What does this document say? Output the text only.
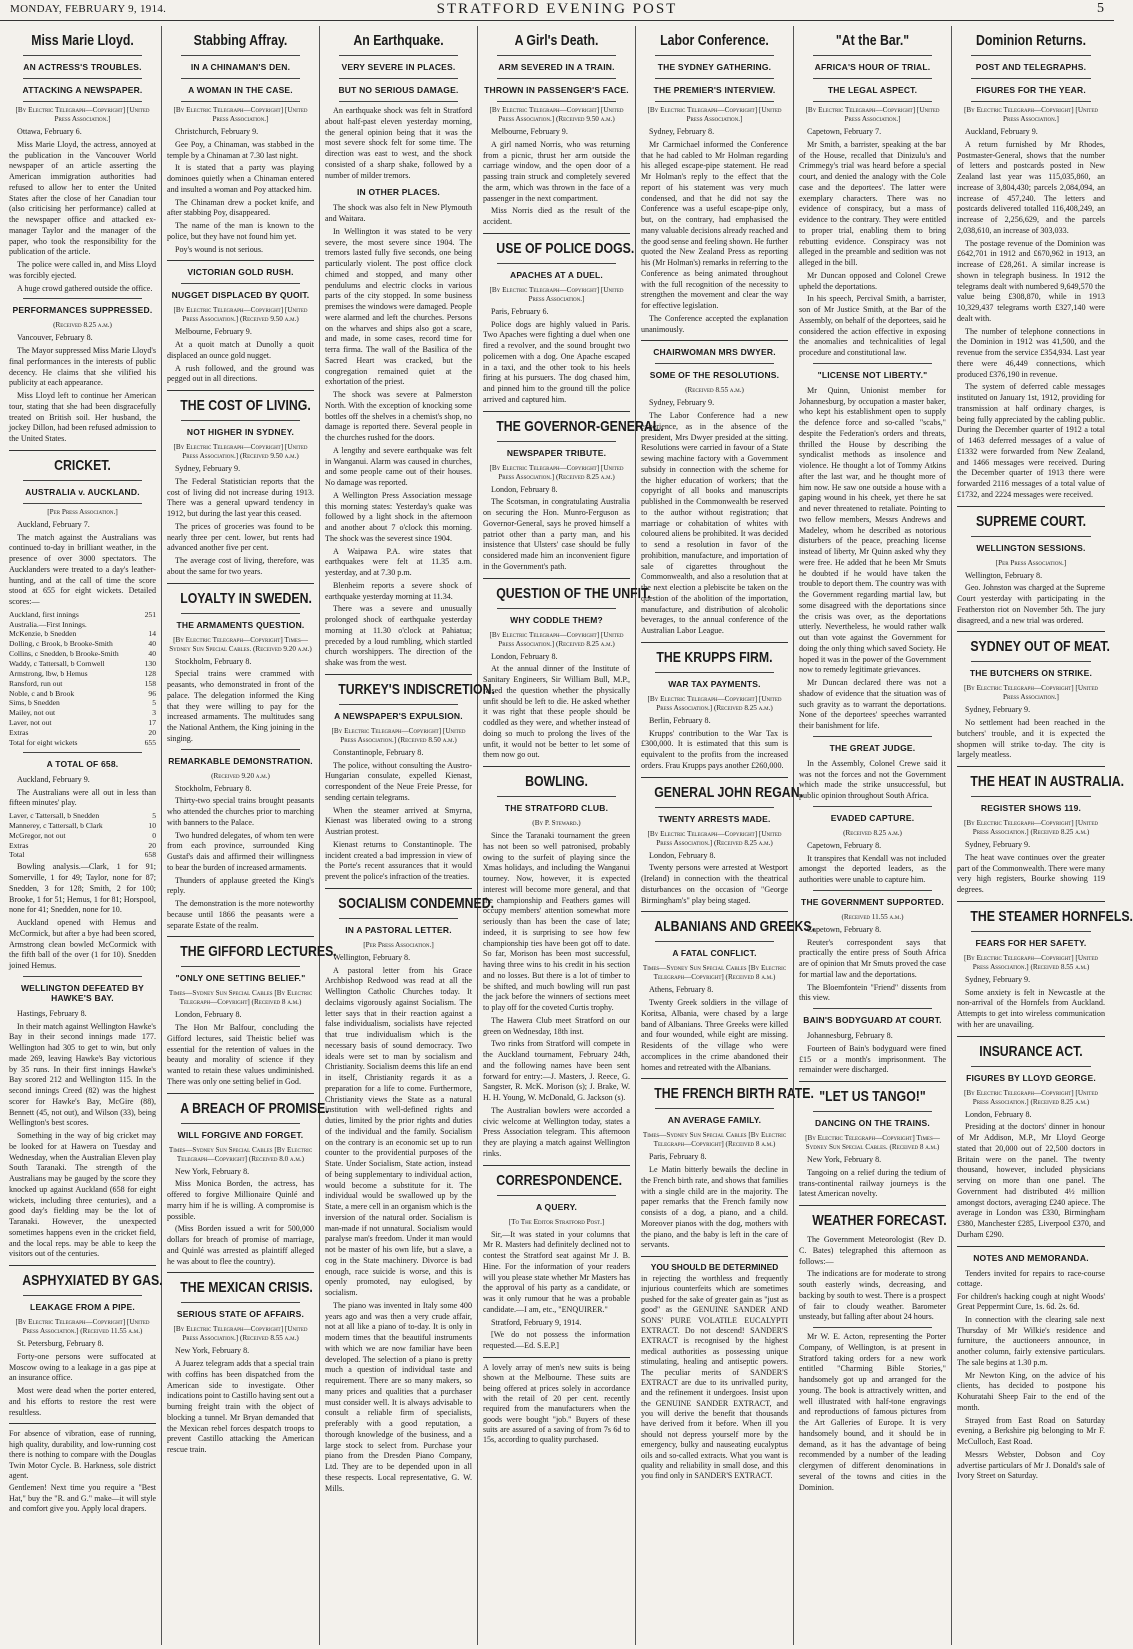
MONDAY, FEBRUARY 9, 1914.	STRATFORD EVENING POST	5
Miss Marie Lloyd.
AN ACTRESS'S TROUBLES.
ATTACKING A NEWSPAPER.
[By Electric Telegraph—Copyright] [United Press Association.]
Ottawa, February 6.
Miss Marie Lloyd, the actress, annoyed at the publication in the Vancouver World newspaper of an article asserting the American immigration authorities had refused to allow her to enter the United States after the close of her Canadian tour (also criticising her performance) called at the newspaper office and attacked ex-manager Taylor and the manager of the paper, who took the responsibility for the publication of the article.
The police were called in, and Miss Lloyd was forcibly ejected.
A huge crowd gathered outside the office.
PERFORMANCES SUPPRESSED.
(Received 8.25 a.m.)
Vancouver, February 8.
The Mayor suppressed Miss Marie Lloyd's final performances in the interests of public decency. He claims that she vilified his publicity at each appearance.
Miss Lloyd left to continue her American tour, stating that she had been disgracefully treated on British soil. Her husband, the jockey Dillon, had been refused admission to the United States.
CRICKET.
AUSTRALIA v. AUCKLAND.
[Per Press Association.]
Auckland, February 7.
The match against the Australians was continued to-day in brilliant weather, in the presence of over 3000 spectators. The Aucklanders were treated to a day's leather-hunting, and at the call of time the score stood at 655 for eight wickets. Detailed scores:—
Auckland, first innings	251
Australia.—First Innings.
McKenzie, b Snedden	14
Dolling, c Brook, b Brooke-Smith	40
Collins, c Snedden, b Brooke-Smith	40
Waddy, c Tattersall, b Cornwell	130
Armstrong, lbw, b Hemus	128
Ransford, run out	158
Noble, c and b Brook	96
Sims, b Snedden	5
Mailey, not out	3
Laver, not out	17
Extras	20
Total for eight wickets	655
A TOTAL OF 658.
Auckland, February 9.
The Australians were all out in less than fifteen minutes' play.
Laver, c Tattersall, b Snedden	5
Mannerey, c Tattersall, b Clark	10
McGregor, not out	0
Extras	20
Total	658
Bowling analysis.—Clark, 1 for 91; Somerville, 1 for 49; Taylor, none for 87; Snedden, 3 for 128; Smith, 2 for 100; Brooke, 1 for 51; Hemus, 1 for 81; Horspool, none for 41; Snedden, none for 10.
Auckland opened with Hemus and McCormick, but after a bye had been scored, Armstrong clean bowled McCormick with the fifth ball of the over (1 for 10). Snedden joined Hemus.
WELLINGTON DEFEATED BY HAWKE'S BAY.
Hastings, February 8.
In their match against Wellington Hawke's Bay in their second innings made 177. Wellington had 305 to get to win, but only made 269, leaving Hawke's Bay victorious by 35 runs. In their first innings Hawke's Bay scored 212 and Wellington 115. In the second innings Creed (82) was the highest scorer for Hawke's Bay, McGire (88), Bennett (45, not out), and Wilson (33), being Wellington's best scores.
Something in the way of big cricket may be looked for at Hawera on Tuesday and Wednesday, when the Australian Eleven play South Taranaki. The strength of the Australians may be gauged by the score they knocked up against Auckland (658 for eight wickets, including three centuries), and a good day's fielding may be the lot of Taranaki. However, the unexpected sometimes happens even in the cricket field, and the local reps. may be able to keep the visitors out of the centuries.
ASPHYXIATED BY GAS.
LEAKAGE FROM A PIPE.
[By Electric Telegraph—Copyright] [United Press Association.] (Received 11.55 a.m.)
St. Petersburg, February 8.
Forty-one persons were suffocated at Moscow owing to a leakage in a gas pipe at an insurance office.
Most were dead when the porter entered, and his efforts to restore the rest were resultless.
For absence of vibration, ease of running, high quality, durability, and low-running cost there is nothing to compare with the Douglas Twin Motor Cycle. B. Harkness, sole district agent.
Gentlemen! Next time you require a "Best Hat," buy the "R. and G." make—it will style and comfort give you. Apply local drapers.
Stabbing Affray.
IN A CHINAMAN'S DEN.
A WOMAN IN THE CASE.
[By Electric Telegraph—Copyright] [United Press Association.]
Christchurch, February 9.
Gee Poy, a Chinaman, was stabbed in the temple by a Chinaman at 7.30 last night.
It is stated that a party was playing dominoes quietly when a Chinaman entered and insulted a woman and Poy attacked him.
The Chinaman drew a pocket knife, and after stabbing Poy, disappeared.
The name of the man is known to the police, but they have not found him yet.
Poy's wound is not serious.
VICTORIAN GOLD RUSH.
NUGGET DISPLACED BY QUOIT.
[By Electric Telegraph—Copyright] [United Press Association.] (Received 9.50 a.m.)
Melbourne, February 9.
At a quoit match at Dunolly a quoit displaced an ounce gold nugget.
A rush followed, and the ground was pegged out in all directions.
THE COST OF LIVING.
NOT HIGHER IN SYDNEY.
[By Electric Telegraph—Copyright] [United Press Association.] (Received 9.50 a.m.)
Sydney, February 9.
The Federal Statistician reports that the cost of living did not increase during 1913. There was a general upward tendency in 1912, but during the last year this ceased.
The prices of groceries was found to be nearly three per cent. lower, but rents had advanced another five per cent.
The average cost of living, therefore, was about the same for two years.
LOYALTY IN SWEDEN.
THE ARMAMENTS QUESTION.
[By Electric Telegraph—Copyright] Times—Sydney Sun Special Cables. (Received 9.20 a.m.)
Stockholm, February 8.
Special trains were crammed with peasants, who demonstrated in front of the palace. The delegation informed the King that they were willing to pay for the increased armaments. The multitudes sang the National Anthem, the King joining in the singing.
REMARKABLE DEMONSTRATION.
(Received 9.20 a.m.)
Stockholm, February 8.
Thirty-two special trains brought peasants who attended the churches prior to marching with banners to the Palace.
Two hundred delegates, of whom ten were from each province, surrounded King Gustaf's dais and affirmed their willingness to bear the burden of increased armaments.
Thunders of applause greeted the King's reply.
The demonstration is the more noteworthy because until 1866 the peasants were a separate Estate of the realm.
THE GIFFORD LECTURES.
"ONLY ONE SETTING BELIEF."
Times—Sydney Sun Special Cables [By Electric Telegraph—Copyright] (Received 8 a.m.)
London, February 8.
The Hon Mr Balfour, concluding the Gifford lectures, said Theistic belief was essential for the retention of values in the beauty and morality of science if they wanted to retain these values undiminished. There was only one setting belief in God.
A BREACH OF PROMISE.
WILL FORGIVE AND FORGET.
Times—Sydney Sun Special Cables [By Electric Telegraph—Copyright] (Received 8.0 a.m.)
New York, February 8.
Miss Monica Borden, the actress, has offered to forgive Millionaire Quinlé and marry him if he is willing. A compromise is possible.
(Miss Borden issued a writ for 500,000 dollars for breach of promise of marriage, and Quinlé was arrested as plaintiff alleged he was about to flee the country).
THE MEXICAN CRISIS.
SERIOUS STATE OF AFFAIRS.
[By Electric Telegraph—Copyright] [United Press Association.] (Received 8.55 a.m.)
New York, February 8.
A Juarez telegram adds that a special train with coffins has been dispatched from the American side to investigate. Other indications point to Castillo having sent out a burning freight train with the object of blocking a tunnel. Mr Bryan demanded that the Mexican rebel forces despatch troops to prevent Castillo attacking the American rescue train.
An Earthquake.
VERY SEVERE IN PLACES.
BUT NO SERIOUS DAMAGE.
An earthquake shock was felt in Stratford about half-past eleven yesterday morning, the general opinion being that it was the most severe shock felt for some time. The direction was east to west, and the shock consisted of a sharp shake, followed by a number of milder tremors.
IN OTHER PLACES.
The shock was also felt in New Plymouth and Waitara.
In Wellington it was stated to be very severe, the most severe since 1904. The tremors lasted fully five seconds, one being particularly violent. The post office clock chimed and stopped, and many other pendulums and electric clocks in various parts of the city stopped. In some business premises the windows were damaged. People were alarmed and left the churches. Persons on the wharves and ships also got a scare, and made, in some cases, record time for terra firma. The wall of the Basilica of the Sacred Heart was cracked, but the congregation remained quiet at the exhortation of the priest.
The shock was severe at Palmerston North. With the exception of knocking some bottles off the shelves in a chemist's shop, no damage is reported there. Several people in the churches rushed for the doors.
A lengthy and severe earthquake was felt in Wanganui. Alarm was caused in churches, and some people came out of their houses. No damage was reported.
A Wellington Press Association message this morning states: Yesterday's quake was followed by a light shock in the afternoon and another about 7 o'clock this morning. The shock was the severest since 1904.
A Waipawa P.A. wire states that earthquakes were felt at 11.35 a.m. yesterday, and at 7.30 p.m.
Blenheim reports a severe shock of earthquake yesterday morning at 11.34.
There was a severe and unusually prolonged shock of earthquake yesterday morning at 11.30 o'clock at Pahiatua; preceded by a loud rumbling, which startled church worshippers. The direction of the shake was from the west.
TURKEY'S INDISCRETION.
A NEWSPAPER'S EXPULSION.
[By Electric Telegraph—Copyright] [United Press Association.] (Received 8.50 a.m.)
Constantinople, February 8.
The police, without consulting the Austro-Hungarian consulate, expelled Kienast, correspondent of the Neue Freie Presse, for sending certain telegrams.
When the steamer arrived at Smyrna, Kienast was liberated owing to a strong Austrian protest.
Kienast returns to Constantinople. The incident created a bad impression in view of the Porte's recent assurances that it would prevent the police's infraction of the treaties.
SOCIALISM CONDEMNED.
IN A PASTORAL LETTER.
[Per Press Association.]
Wellington, February 8.
A pastoral letter from his Grace Archbishop Redwood was read at all the Wellington Catholic Churches today. It declaims vigorously against Socialism. The letter says that in their reaction against a false individualism, socialists have rejected that true individualism which is the necessary basis of sound democracy. Two ideals were set to man by socialism and Christianity. Socialism deems this life an end in itself, Christianity regards it as a preparation for a life to come. Furthermore, Christianity views the State as a natural institution with well-defined rights and duties, limited by the prior rights and duties of the individual and the family. Socialism on the contrary is an economic set up to run counter to the providential purposes of the State. Under Socialism, State action, instead of being supplementary to individual action, would become a substitute for it. The individual would be swallowed up by the State, a mere cell in an organism which is the inversion of the natural order. Socialism is man-made if not unnatural. Socialism would paralyse man's freedom. Under it man would not be master of his own life, but a slave, a cog in the State machinery. Divorce is bad enough, race suicide is worse, and this is openly promoted, nay eulogised, by socialism.
The piano was invented in Italy some 400 years ago and was then a very crude affair, not at all like a piano of to-day. It is only in modern times that the beautiful instruments with which we are now familiar have been developed. The selection of a piano is pretty much a question of individual taste and requirement. There are so many makers, so many prices and qualities that a purchaser must consider well. It is always advisable to consult a reliable firm of specialists, preferably with a good reputation, a thorough knowledge of the business, and a large stock to select from. Purchase your piano from the Dresden Piano Company, Ltd. They are to be depended upon in all these respects. Local representative, G. W. Mills.
A Girl's Death.
ARM SEVERED IN A TRAIN.
THROWN IN PASSENGER'S FACE.
[By Electric Telegraph—Copyright] [United Press Association.] (Received 9.50 a.m.)
Melbourne, February 9.
A girl named Norris, who was returning from a picnic, thrust her arm outside the carriage window, and the open door of a passing train struck and completely severed the arm, which was thrown in the face of a passenger in the next compartment.
Miss Norris died as the result of the accident.
USE OF POLICE DOGS.
APACHES AT A DUEL.
[By Electric Telegraph—Copyright] [United Press Association.]
Paris, February 6.
Police dogs are highly valued in Paris. Two Apaches were fighting a duel when one fired a revolver, and the sound brought two policemen with a dog. One Apache escaped in a taxi, and the other took to his heels firing at his pursuers. The dog chased him, and pinned him to the ground till the police arrived and captured him.
THE GOVERNOR-GENERAL.
NEWSPAPER TRIBUTE.
[By Electric Telegraph—Copyright] [United Press Association.] (Received 8.25 a.m.)
London, February 8.
The Scotsman, in congratulating Australia on securing the Hon. Munro-Ferguson as Governor-General, says he proved himself a patriot other than a party man, and his insistence that Ulsters' case should be fully considered made him an inconvenient figure in the Government's path.
QUESTION OF THE UNFIT.
WHY CODDLE THEM?
[By Electric Telegraph—Copyright] [United Press Association.] (Received 8.25 a.m.)
London, February 8.
At the annual dinner of the Institute of Sanitary Engineers, Sir William Bull, M.P., raised the question whether the physically unfit should be left to die. He asked whether it was right that these people should be coddled as they were, and whether instead of doing so much to prolong the lives of the unfit, it would not be better to let some of them now go out.
BOWLING.
THE STRATFORD CLUB.
(By P. Steward.)
Since the Taranaki tournament the green has not been so well patronised, probably owing to the surfeit of playing since the Xmas holidays, and including the Wanganui tourney. Now, however, it is expected interest will become more general, and that the championship and Feathers games will occupy members' attention somewhat more seriously than has been the case of late; indeed, it is surprising to see how few championship ties have been got off to date. So far, Morison has been most successful, having three wins to his credit in his section and no losses. But there is a lot of timber to be shifted, and much bowling will run past the jack before the winners of sections meet to play off for the coveted Curtis trophy.
The Hawera Club meet Stratford on our green on Wednesday, 18th inst.
Two rinks from Stratford will compete in the Auckland tournament, February 24th, and the following names have been sent forward for entry:—J. Masters, J. Reece, G. Sangster, R. McK. Morison (s); J. Brake, W. H. H. Young, W. McDonald, G. Jackson (s).
The Australian bowlers were accorded a civic welcome at Wellington today, states a Press Association telegram. This afternoon they are playing a match against Wellington rinks.
CORRESPONDENCE.
A QUERY.
[To The Editor Stratford Post.]
Sir,—It was stated in your columns that Mr R. Masters had definitely declined not to contest the Stratford seat against Mr J. B. Hine. For the information of your readers will you please state whether Mr Masters has the approval of his party as a candidate, or was it only rumour that he was a probable candidate.—I am, etc., "ENQUIRER."
Stratford, February 9, 1914.
[We do not possess the information requested.—Ed. S.E.P.]
A lovely array of men's new suits is being shown at the Melbourne. These suits are being offered at prices solely in accordance with the retail of 20 per cent. recently required from the manufacturers when the goods were bought "job." Buyers of these suits are assured of a saving of from 7s 6d to 15s, according to quality purchased.
Labor Conference.
THE SYDNEY GATHERING.
THE PREMIER'S INTERVIEW.
[By Electric Telegraph—Copyright] [United Press Association.]
Sydney, February 8.
Mr Carmichael informed the Conference that he had cabled to Mr Holman regarding his alleged escape-pipe statement. He read Mr Holman's reply to the effect that the report of his statement was very much condensed, and that he did not say the Conference was a useful escape-pipe only, but, on the contrary, had emphasised the many valuable decisions already reached and the good sense and feeling shown. He further quoted the New Zealand Press as reporting his (Mr Holman's) remarks in referring to the Conference as being animated throughout with the full recognition of the necessity to strengthen the movement and clear the way for effective legislation.
The Conference accepted the explanation unanimously.
CHAIRWOMAN MRS DWYER.
SOME OF THE RESOLUTIONS.
(Received 8.55 a.m.)
Sydney, February 9.
The Labor Conference had a new experience, as in the absence of the president, Mrs Dwyer presided at the sitting. Resolutions were carried in favour of a State sewing machine factory with a Government subsidy in connection with the scheme for the higher education of workers; that the copyright of all books and manuscripts published in the Commonwealth be reserved to the author without registration; that marriage or cohabitation of whites with coloured aliens be prohibited. It was decided to send a resolution in favor of the prohibition, manufacture, and importation of sale of cigarettes throughout the Commonwealth, and also a resolution that at the next election a plebiscite be taken on the question of the abolition of the importation, manufacture, and distribution of alcoholic beverages, to the annual conference of the Australian Labor League.
THE KRUPPS FIRM.
WAR TAX PAYMENTS.
[By Electric Telegraph—Copyright] [United Press Association.] (Received 8.25 a.m.)
Berlin, February 8.
Krupps' contribution to the War Tax is £300,000. It is estimated that this sum is equivalent to the profits from the increased orders. Frau Krupps pays another £260,000.
GENERAL JOHN REGAN.
TWENTY ARRESTS MADE.
[By Electric Telegraph—Copyright] [United Press Association.] (Received 8.25 a.m.)
London, February 8.
Twenty persons were arrested at Westport (Ireland) in connection with the theatrical disturbances on the occasion of "George Birmingham's" play being staged.
ALBANIANS AND GREEKS.
A FATAL CONFLICT.
Times—Sydney Sun Special Cables [By Electric Telegraph—Copyright] (Received 8 a.m.)
Athens, February 8.
Twenty Greek soldiers in the village of Koritsa, Albania, were chased by a large band of Albanians. Three Greeks were killed and four wounded, while eight are missing. Residents of the village who were accomplices in the crime abandoned their homes and retreated with the Albanians.
THE FRENCH BIRTH RATE.
AN AVERAGE FAMILY.
Times—Sydney Sun Special Cables [By Electric Telegraph—Copyright] (Received 8 a.m.)
Paris, February 8.
Le Matin bitterly bewails the decline in the French birth rate, and shows that families with a single child are in the majority. The paper remarks that the French family now consists of a dog, a piano, and a child. Moreover pianos with the dog, mothers with the piano, and the baby is left in the care of servants.
YOU SHOULD BE DETERMINED
in rejecting the worthless and frequently injurious counterfeits which are sometimes pushed for the sake of greater gain as "just as good" as the GENUINE SANDER AND SONS' PURE VOLATILE EUCALYPTI EXTRACT. Do not descend! SANDER'S EXTRACT is recognised by the highest medical authorities as possessing unique stimulating, healing and antiseptic powers. The peculiar merits of SANDER'S EXTRACT are due to its unrivalled purity, and the refinement it undergoes. Insist upon the GENUINE SANDER EXTRACT, and you will derive the benefit that thousands have derived from it before. When ill you should not depress yourself more by the emergency, bulky and nauseating eucalyptus oils and so-called extracts. What you want is quality and reliability in small dose, and this you find only in SANDER'S EXTRACT.
"At the Bar."
AFRICA'S HOUR OF TRIAL.
THE LEGAL ASPECT.
[By Electric Telegraph—Copyright] [United Press Association.]
Capetown, February 7.
Mr Smith, a barrister, speaking at the bar of the House, recalled that Dinizulu's and Crimmegy's trial was heard before a special court, and denied the analogy with the Cole case and the deportees'. The latter were exemplary characters. There was no evidence of conspiracy, but a mass of evidence to the contrary. They were entitled to proper trial, enabling them to bring rebutting evidence. Conspiracy was not alleged in the preamble and sedition was not alleged in the bill.
Mr Duncan opposed and Colonel Crewe upheld the deportations.
In his speech, Percival Smith, a barrister, son of Mr Justice Smith, at the Bar of the Assembly, on behalf of the deportees, said he considered the action effective in exposing the anomalies and technicalities of legal procedure and constitutional law.
"LICENSE NOT LIBERTY."
Mr Quinn, Unionist member for Johannesburg, by occupation a master baker, who kept his establishment open to supply the defence force and so-called "scabs," despite the Federation's orders and threats, thrilled the House by describing the syndicalist methods as insolence and violence. He thought a lot of Tommy Atkins after the last war, and he thought more of him now. He saw one outside a house with a gaping wound in his cheek, yet there he sat and never threatened to retaliate. Pointing to two fellow members, Messrs Andrews and Madeley, whom he described as notorious disturbers of the peace, preaching license instead of liberty, Mr Quinn asked why they were free. He added that he been Mr Smuts he doubted if he would have taken the trouble to deport them. The country was with the Government regarding martial law, but some disagreed with the deportations since the crisis was over, as the deportations utterly. Nevertheless, he would rather walk out than vote against the Government for doing the only thing which saved Society. He hoped it was in the power of the Government now to remedy legitimate grievances.
Mr Duncan declared there was not a shadow of evidence that the situation was of such gravity as to warrant the deportations. None of the deportees' speeches warranted their banishment for life.
THE GREAT JUDGE.
In the Assembly, Colonel Crewe said it was not the forces and not the Government which made the strike unsuccessful, but public opinion throughout South Africa.
EVADED CAPTURE.
(Received 8.25 a.m.)
Capetown, February 8.
It transpires that Kendall was not included amongst the deported leaders, as the authorities were unable to capture him.
THE GOVERNMENT SUPPORTED.
(Received 11.55 a.m.)
Capetown, February 8.
Reuter's correspondent says that practically the entire press of South Africa are of opinion that Mr Smuts proved the case for martial law and the deportations.
The Bloemfontein "Friend" dissents from this view.
BAIN'S BODYGUARD AT COURT.
Johannesburg, February 8.
Fourteen of Bain's bodyguard were fined £15 or a month's imprisonment. The remainder were discharged.
"LET US TANGO!"
DANCING ON THE TRAINS.
[By Electric Telegraph—Copyright] Times—Sydney Sun Special Cables. (Received 8 a.m.)
New York, February 8.
Tangoing on a relief during the tedium of trans-continental railway journeys is the latest American novelty.
WEATHER FORECAST.
The Government Meteorologist (Rev D. C. Bates) telegraphed this afternoon as follows:—
The indications are for moderate to strong south easterly winds, decreasing, and backing by south to west. There is a prospect of fair to cloudy weather. Barometer unsteady, but falling after about 24 hours.
Mr W. E. Acton, representing the Porter Company, of Wellington, is at present in Stratford taking orders for a new work entitled "Charming Bible Stories," handsomely got up and arranged for the young. The book is attractively written, and well illustrated with half-tone engravings and reproductions of famous pictures from the Art Galleries of Europe. It is very handsomely bound, and it should be in demand, as it has the advantage of being recommended by a number of the leading clergymen of different denominations in several of the towns and cities in the Dominion.
Dominion Returns.
POST AND TELEGRAPHS.
FIGURES FOR THE YEAR.
[By Electric Telegraph—Copyright] [United Press Association.]
Auckland, February 9.
A return furnished by Mr Rhodes, Postmaster-General, shows that the number of letters and postcards posted in New Zealand last year was 115,035,860, an increase of 3,804,430; parcels 2,084,094, an increase of 457,240. The letters and postcards delivered totalled 116,408,249, an increase of 2,256,629, and the parcels 2,038,610, an increase of 303,033.
The postage revenue of the Dominion was £642,701 in 1912 and £670,962 in 1913, an increase of £28,261. A similar increase is shown in telegraph business. In 1912 the telegrams dealt with numbered 9,649,570 the value being £308,870, while in 1913 10,329,437 telegrams worth £327,140 were dealt with.
The number of telephone connections in the Dominion in 1912 was 41,500, and the revenue from the service £354,934. Last year there were 46,449 connections, which produced £376,190 in revenue.
The system of deferred cable messages instituted on January 1st, 1912, providing for transmission at half ordinary charges, is being fully appreciated by the cabling public. During the December quarter of 1912 a total of 1463 deferred messages of a value of £1332 were forwarded from New Zealand, and 1466 messages were received. During the December quarter of 1913 there were forwarded 2116 messages of a total value of £1732, and 2224 messages were received.
SUPREME COURT.
WELLINGTON SESSIONS.
[Per Press Association.]
Wellington, February 8.
Geo. Johnston was charged at the Supreme Court yesterday with participating in the Featherston riot on November 5th. The jury disagreed, and a new trial was ordered.
SYDNEY OUT OF MEAT.
THE BUTCHERS ON STRIKE.
[By Electric Telegraph—Copyright] [United Press Association.]
Sydney, February 9.
No settlement had been reached in the butchers' trouble, and it is expected the shopmen will strike to-day. The city is largely meatless.
THE HEAT IN AUSTRALIA.
REGISTER SHOWS 119.
[By Electric Telegraph—Copyright] [United Press Association.] (Received 8.25 a.m.)
Sydney, February 9.
The heat wave continues over the greater part of the Commonwealth. There were many very high registers, Bourke showing 119 degrees.
THE STEAMER HORNFELS.
FEARS FOR HER SAFETY.
[By Electric Telegraph—Copyright] [United Press Association.] (Received 8.55 a.m.)
Sydney, February 9.
Some anxiety is felt in Newcastle at the non-arrival of the Hornfels from Auckland. Attempts to get into wireless communication with her are unavailing.
INSURANCE ACT.
FIGURES BY LLOYD GEORGE.
[By Electric Telegraph—Copyright] [United Press Association.] (Received 8.25 a.m.)
London, February 8.
Presiding at the doctors' dinner in honour of Mr Addison, M.P., Mr Lloyd George stated that 20,000 out of 22,500 doctors in Britain were on the panel. The twenty thousand, however, included physicians serving on more than one panel. The Government had distributed 4½ million amongst doctors, averaging £240 apiece. The average in London was £330, Birmingham £380, Manchester £285, Liverpool £370, and Durham £290.
NOTES AND MEMORANDA.
Tenders invited for repairs to race-course cottage.
For children's hacking cough at night Woods' Great Peppermint Cure, 1s. 6d. 2s. 6d.
In connection with the clearing sale next Thursday of Mr Wilkie's residence and furniture, the auctioneers announce, in another column, fairly extensive particulars. The sale begins at 1.30 p.m.
Mr Newton King, on the advice of his clients, has decided to postpone his Kohuratahi Sheep Fair to the end of the month.
Strayed from East Road on Saturday evening, a Berkshire pig belonging to Mr F. McCulloch, East Road.
Messrs Webster, Dobson and Coy advertise particulars of Mr J. Donald's sale of Ivory Street on Saturday.
